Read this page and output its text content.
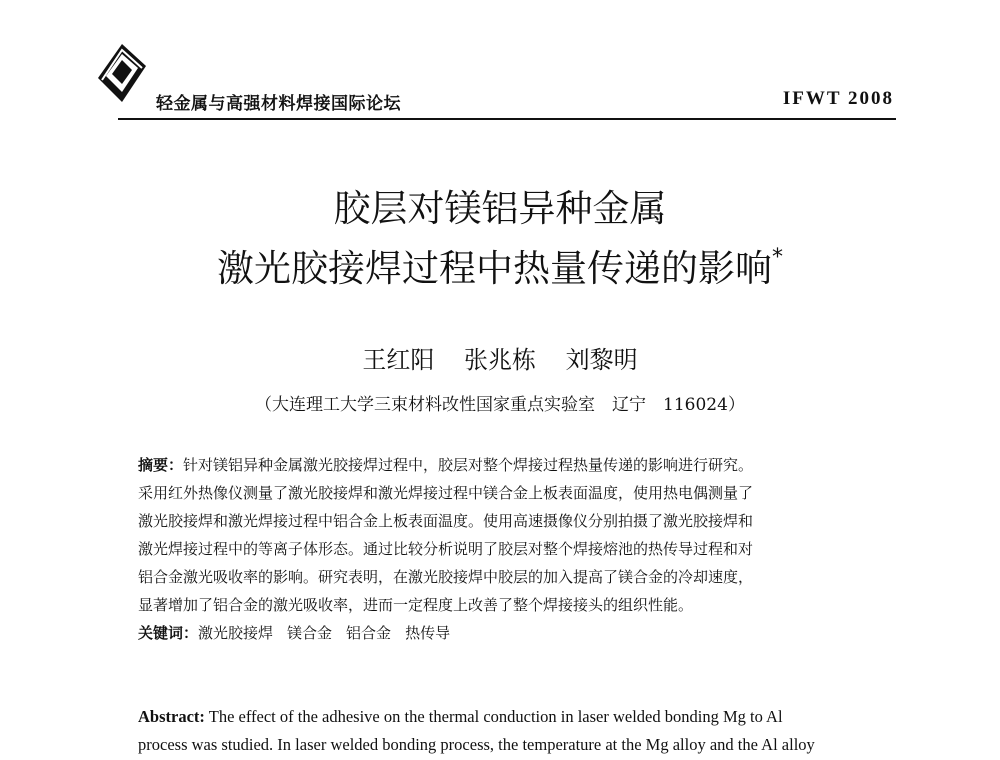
轻金属与高强材料焊接国际论坛	IFWT 2008
胶层对镁铝异种金属
激光胶接焊过程中热量传递的影响*
王红阳 张兆栋 刘黎明
（大连理工大学三束材料改性国家重点实验室　辽宁　116024）

摘要：针对镁铝异种金属激光胶接焊过程中，胶层对整个焊接过程热量传递的影响进行研究。

采用红外热像仪测量了激光胶接焊和激光焊接过程中镁合金上板表面温度，使用热电偶测量了

激光胶接焊和激光焊接过程中铝合金上板表面温度。使用高速摄像仪分别拍摄了激光胶接焊和

激光焊接过程中的等离子体形态。通过比较分析说明了胶层对整个焊接熔池的热传导过程和对

铝合金激光吸收率的影响。研究表明，在激光胶接焊中胶层的加入提高了镁合金的冷却速度，

显著增加了铝合金的激光吸收率，进而一定程度上改善了整个焊接接头的组织性能。

关键词：激光胶接焊 镁合金 铝合金 热传导

Abstract: The effect of the adhesive on the thermal conduction in laser welded bonding Mg to Al

process was studied. In laser welded bonding process, the temperature at the Mg alloy and the Al alloy
